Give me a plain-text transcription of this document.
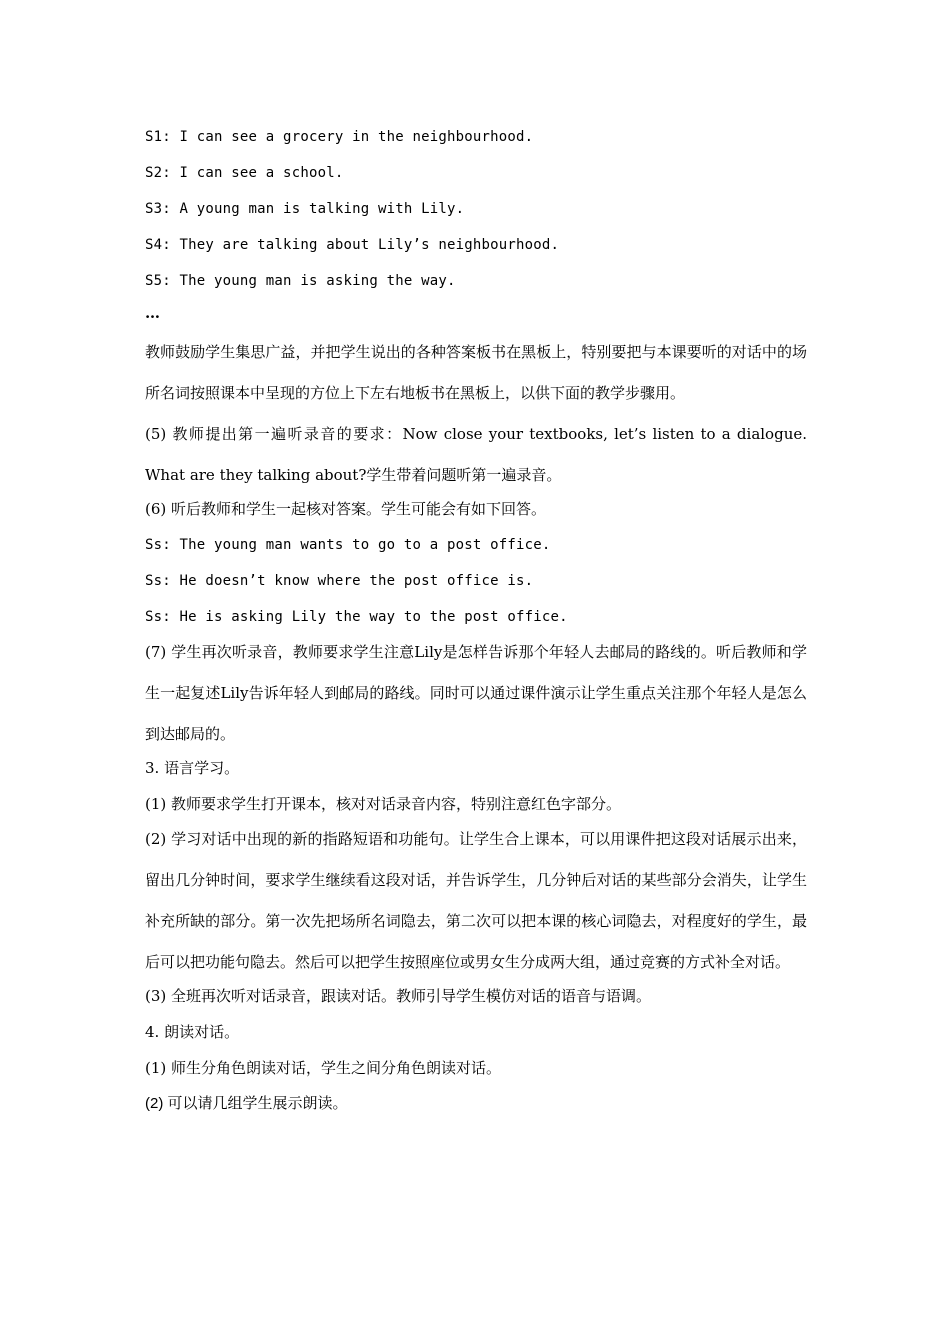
S1: I can see a grocery in the neighbourhood.

S2: I can see a school.

S3: A young man is talking with Lily.

S4: They are talking about Lily’s neighbourhood.

S5: The young man is asking the way.

…

教师鼓励学生集思广益，并把学生说出的各种答案板书在黑板上，特别要把与本课要听的对话中的场所名词按照课本中呈现的方位上下左右地板书在黑板上，以供下面的教学步骤用。

(5) 教师提出第一遍听录音的要求：Now close your textbooks, let’s listen to a dialogue. What are they talking about?学生带着问题听第一遍录音。

(6) 听后教师和学生一起核对答案。学生可能会有如下回答。

Ss: The young man wants to go to a post office.

Ss: He doesn’t know where the post office is.

Ss: He is asking Lily the way to the post office.

(7) 学生再次听录音，教师要求学生注意Lily是怎样告诉那个年轻人去邮局的路线的。听后教师和学生一起复述Lily告诉年轻人到邮局的路线。同时可以通过课件演示让学生重点关注那个年轻人是怎么到达邮局的。

3. 语言学习。

(1) 教师要求学生打开课本，核对对话录音内容，特别注意红色字部分。

(2) 学习对话中出现的新的指路短语和功能句。让学生合上课本，可以用课件把这段对话展示出来，留出几分钟时间，要求学生继续看这段对话，并告诉学生，几分钟后对话的某些部分会消失，让学生补充所缺的部分。第一次先把场所名词隐去，第二次可以把本课的核心词隐去，对程度好的学生，最后可以把功能句隐去。然后可以把学生按照座位或男女生分成两大组，通过竞赛的方式补全对话。

(3) 全班再次听对话录音，跟读对话。教师引导学生模仿对话的语音与语调。

4. 朗读对话。

(1) 师生分角色朗读对话，学生之间分角色朗读对话。

(2) 可以请几组学生展示朗读。
